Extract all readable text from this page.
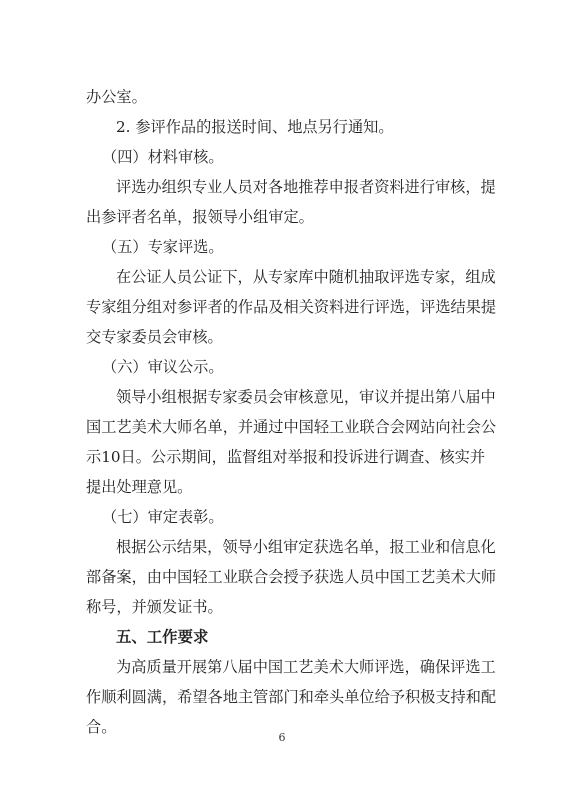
办公室。
2. 参评作品的报送时间、地点另行通知。
（四）材料审核。
评选办组织专业人员对各地推荐申报者资料进行审核，提
出参评者名单，报领导小组审定。
（五）专家评选。
在公证人员公证下，从专家库中随机抽取评选专家，组成
专家组分组对参评者的作品及相关资料进行评选，评选结果提
交专家委员会审核。
（六）审议公示。
领导小组根据专家委员会审核意见，审议并提出第八届中
国工艺美术大师名单，并通过中国轻工业联合会网站向社会公
示10日。公示期间，监督组对举报和投诉进行调查、核实并
提出处理意见。
（七）审定表彰。
根据公示结果，领导小组审定获选名单，报工业和信息化
部备案，由中国轻工业联合会授予获选人员中国工艺美术大师
称号，并颁发证书。
五、工作要求
为高质量开展第八届中国工艺美术大师评选，确保评选工
作顺利圆满，希望各地主管部门和牵头单位给予积极支持和配
合。
6
